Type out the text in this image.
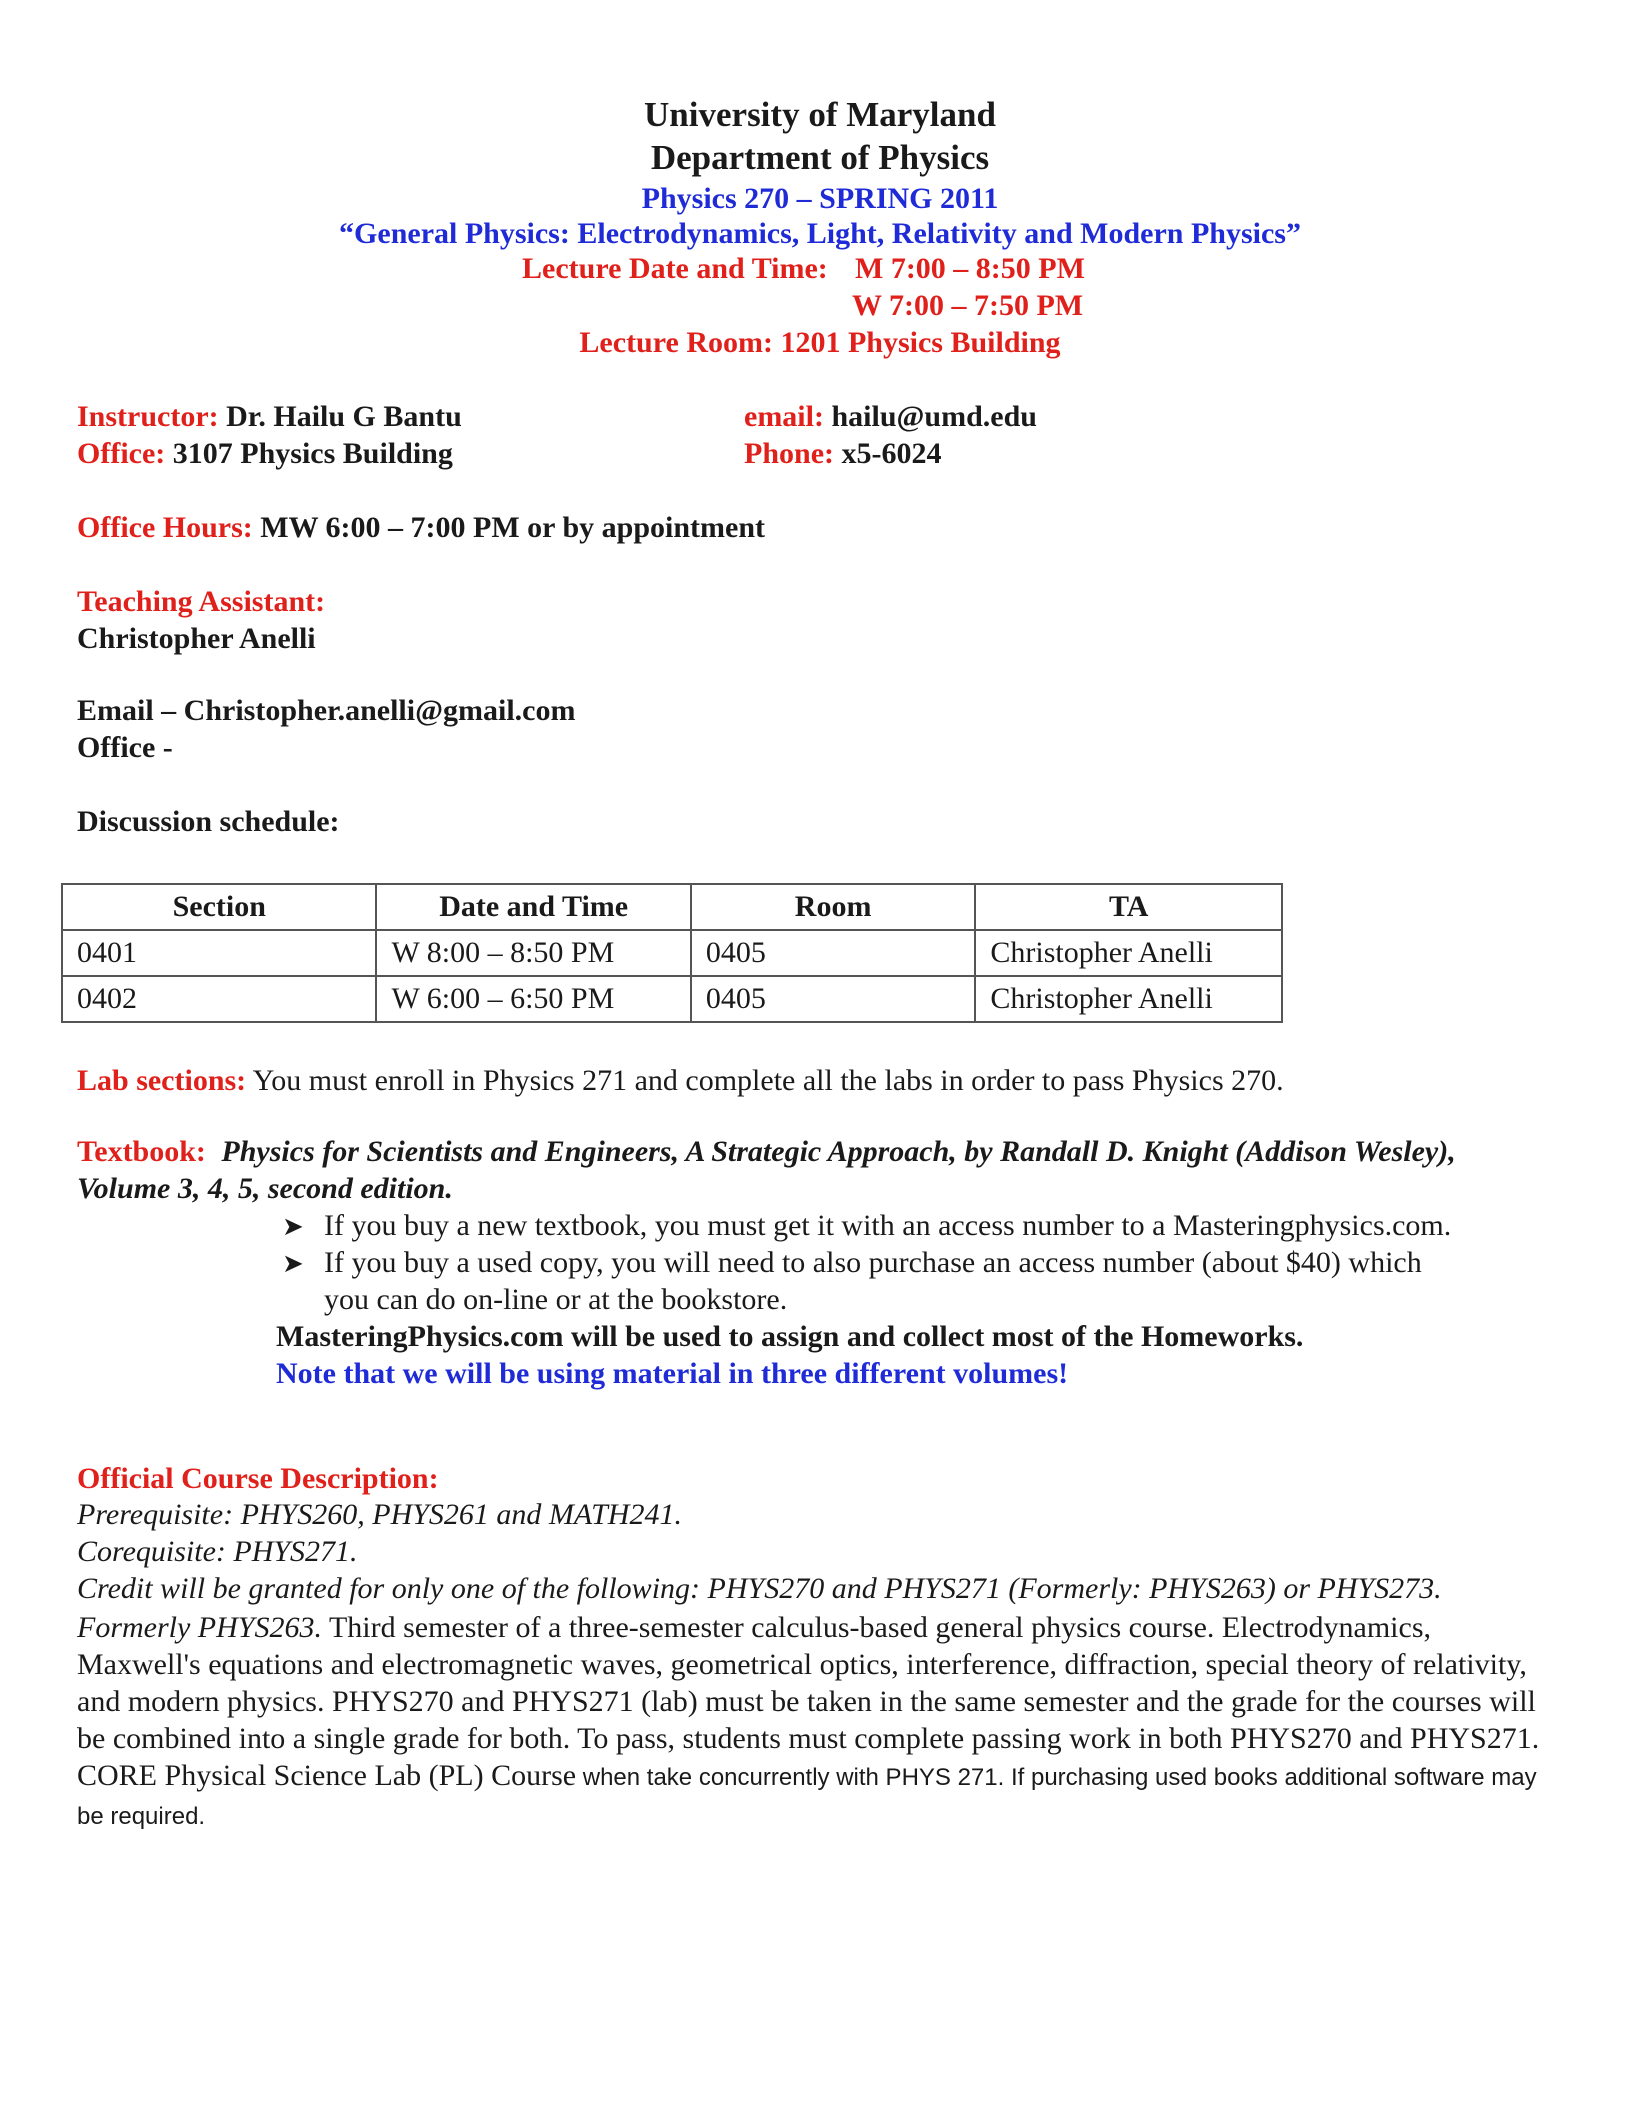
University of Maryland
Department of Physics
Physics 270 – SPRING 2011
“General Physics: Electrodynamics, Light, Relativity and Modern Physics”
Lecture Date and Time: M 7:00 – 8:50 PM
W 7:00 – 7:50 PM
Lecture Room: 1201 Physics Building
Instructor: Dr. Hailu G Bantu
Office: 3107 Physics Building
email: hailu@umd.edu
Phone: x5-6024
Office Hours: MW 6:00 – 7:00 PM or by appointment
Teaching Assistant:
Christopher Anelli
Email – Christopher.anelli@gmail.com
Office -
Discussion schedule:
Section	Date and Time	Room	TA
0401	W 8:00 – 8:50 PM	0405	Christopher Anelli
0402	W 6:00 – 6:50 PM	0405	Christopher Anelli
Lab sections: You must enroll in Physics 271 and complete all the labs in order to pass Physics 270.
Textbook: Physics for Scientists and Engineers, A Strategic Approach, by Randall D. Knight (Addison Wesley),
Volume 3, 4, 5, second edition.
➤ If you buy a new textbook, you must get it with an access number to a Masteringphysics.com.
➤ If you buy a used copy, you will need to also purchase an access number (about $40) which
you can do on-line or at the bookstore.
MasteringPhysics.com will be used to assign and collect most of the Homeworks.
Note that we will be using material in three different volumes!
Official Course Description:
Prerequisite: PHYS260, PHYS261 and MATH241.
Corequisite: PHYS271.
Credit will be granted for only one of the following: PHYS270 and PHYS271 (Formerly: PHYS263) or PHYS273.
Formerly PHYS263. Third semester of a three-semester calculus-based general physics course. Electrodynamics, Maxwell's equations and electromagnetic waves, geometrical optics, interference, diffraction, special theory of relativity, and modern physics. PHYS270 and PHYS271 (lab) must be taken in the same semester and the grade for the courses will be combined into a single grade for both. To pass, students must complete passing work in both PHYS270 and PHYS271. CORE Physical Science Lab (PL) Course when take concurrently with PHYS 271. If purchasing used books additional software may be required.
